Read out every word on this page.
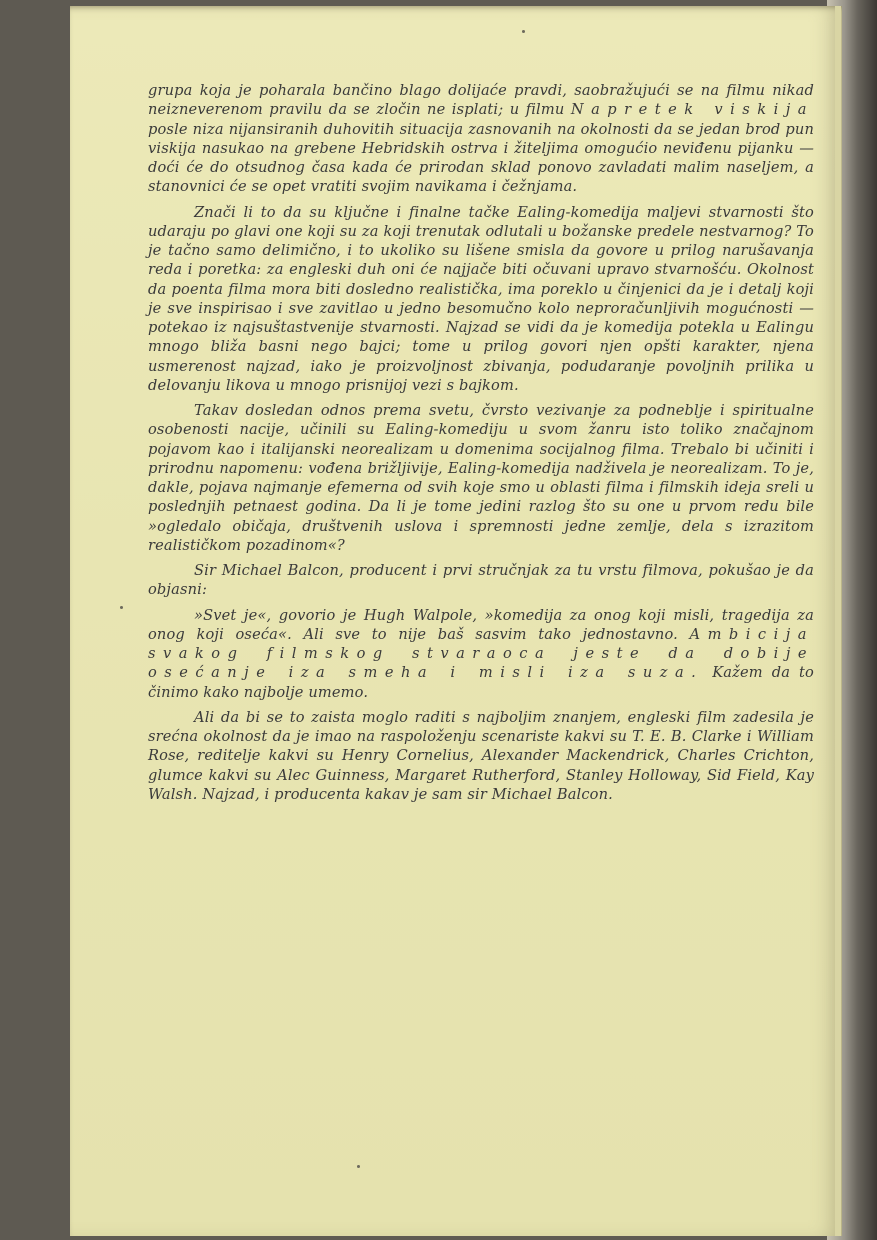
grupa koja je poharala bančino blago doliјaće pravdi, saobražujući se na filmu nikad neizneverenom pravilu da se zločin ne isplati; u filmu Napretek viskija posle niza nijansiranih duhovitih situacija zasnovanih na okolnosti da se jedan brod pun viskija nasukao na grebene Hebridskih ostrva i žiteljima omogućio neviđenu pijanku — doći će do otsudnog časa kada će prirodan sklad ponovo zavladati malim naseljem, a stanovnici će se opet vratiti svojim navikama i čežnjama.

Znači li to da su ključne i finalne tačke Ealing-komedija maljevi stvarnosti što udaraju po glavi one koji su za koji trenutak odlutali u božanske predele nestvarnog? To je tačno samo delimično, i to ukoliko su lišene smisla da govore u prilog narušavanja reda i poretka: za engleski duh oni će najjače biti očuvani upravo stvarnošću. Okolnost da poenta filma mora biti dosledno realistička, ima poreklo u činjenici da je i detalj koji je sve inspirisao i sve zavitlao u jedno besomučno kolo neproračunljivih mogućnosti — potekao iz najsuštastvenije stvarnosti. Najzad se vidi da je komedija potekla u Ealingu mnogo bliža basni nego bajci; tome u prilog govori njen opšti karakter, njena usmerenost najzad, iako je proizvoljnost zbivanja, podudaranje povoljnih prilika u delovanju likova u mnogo prisnijoj vezi s bajkom.

Takav dosledan odnos prema svetu, čvrsto vezivanje za podneblje i spiritualne osobenosti nacije, učinili su Ealing-komediju u svom žanru isto toliko značajnom pojavom kao i italijanski neorealizam u domenima socijalnog filma. Trebalo bi učiniti i prirodnu napomenu: vođena brižljivije, Ealing-komedija nadživela je neorealizam. To je, dakle, pojava najmanje efemerna od svih koje smo u oblasti filma i filmskih ideja sreli u poslednjih petnaest godina. Da li je tome jedini razlog što su one u prvom redu bile »ogledalo običaja, društvenih uslova i spremnosti jedne zemlje, dela s izrazitom realističkom pozadinom«?

Sir Michael Balcon, producent i prvi stručnjak za tu vrstu filmova, pokušao je da objasni:

»Svet je«, govorio je Hugh Walpole, »komedija za onog koji misli, tragedija za onog koji oseća«. Ali sve to nije baš sasvim tako jednostavno. Ambicija svakog filmskog stvaraoca jeste da dobije osećanje iza smeha i misli iza suza. Kažem da to činimo kako najbolje umemo.

Ali da bi se to zaista moglo raditi s najboljim znanjem, engleski film zadesila je srećna okolnost da je imao na raspoloženju scenariste kakvi su T. E. B. Clarke i William Rose, reditelje kakvi su Henry Cornelius, Alexander Mackendrick, Charles Crichton, glumce kakvi su Alec Guinness, Margaret Rutherford, Stanley Holloway, Sid Field, Kay Walsh. Najzad, i producenta kakav je sam sir Michael Balcon.
